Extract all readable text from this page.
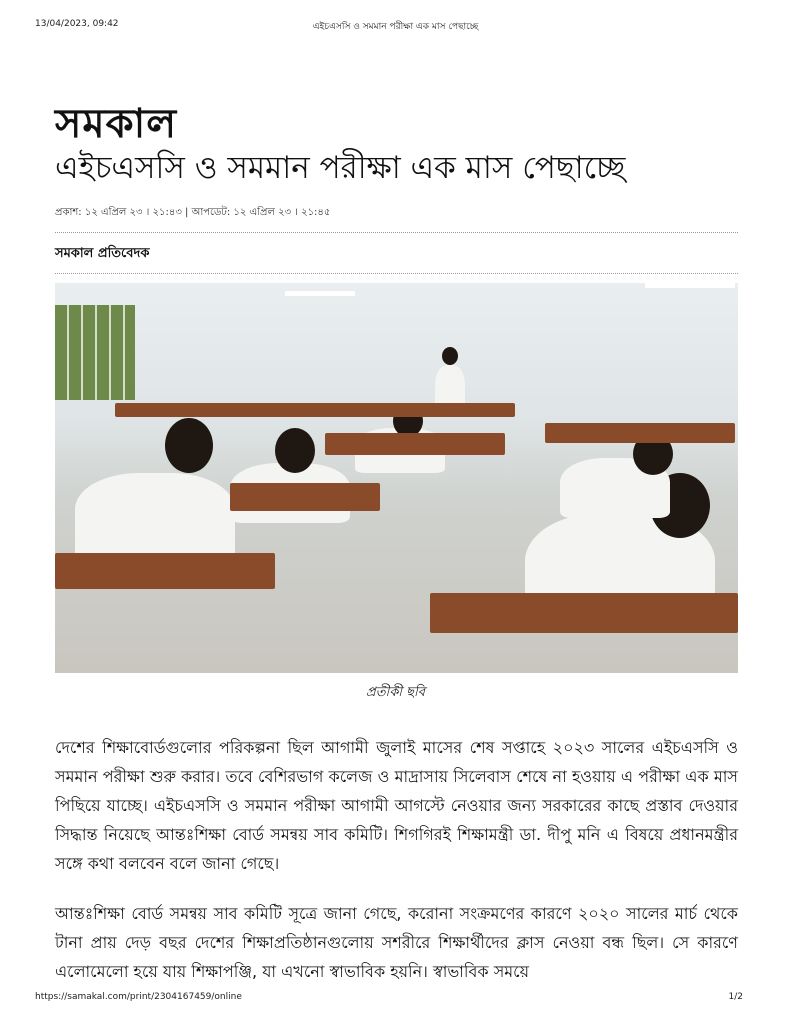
13/04/2023, 09:42	এইচএসসি ও সমমান পরীক্ষা এক মাস পেছাচ্ছে
সমকাল
এইচএসসি ও সমমান পরীক্ষা এক মাস পেছাচ্ছে
প্রকাশ: ১২ এপ্রিল ২৩ । ২১:৪৩ | আপডেট: ১২ এপ্রিল ২৩ । ২১:৪৫
সমকাল প্রতিবেদক
প্রতীকী ছবি

দেশের শিক্ষাবোর্ডগুলোর পরিকল্পনা ছিল আগামী জুলাই মাসের শেষ সপ্তাহে ২০২৩ সালের এইচএসসি ও সমমান পরীক্ষা শুরু করার। তবে বেশিরভাগ কলেজ ও মাদ্রাসায় সিলেবাস শেষে না হওয়ায় এ পরীক্ষা এক মাস পিছিয়ে যাচ্ছে। এইচএসসি ও সমমান পরীক্ষা আগামী আগস্টে নেওয়ার জন্য সরকারের কাছে প্রস্তাব দেওয়ার সিদ্ধান্ত নিয়েছে আন্তঃশিক্ষা বোর্ড সমন্বয় সাব কমিটি। শিগগিরই শিক্ষামন্ত্রী ডা. দীপু মনি এ বিষয়ে প্রধানমন্ত্রীর সঙ্গে কথা বলবেন বলে জানা গেছে।

আন্তঃশিক্ষা বোর্ড সমন্বয় সাব কমিটি সূত্রে জানা গেছে, করোনা সংক্রমণের কারণে ২০২০ সালের মার্চ থেকে টানা প্রায় দেড় বছর দেশের শিক্ষাপ্রতিষ্ঠানগুলোয় সশরীরে শিক্ষার্থীদের ক্লাস নেওয়া বন্ধ ছিল। সে কারণে এলোমেলো হয়ে যায় শিক্ষাপঞ্জি, যা এখনো স্বাভাবিক হয়নি। স্বাভাবিক সময়ে

https://samakal.com/print/2304167459/online	1/2
